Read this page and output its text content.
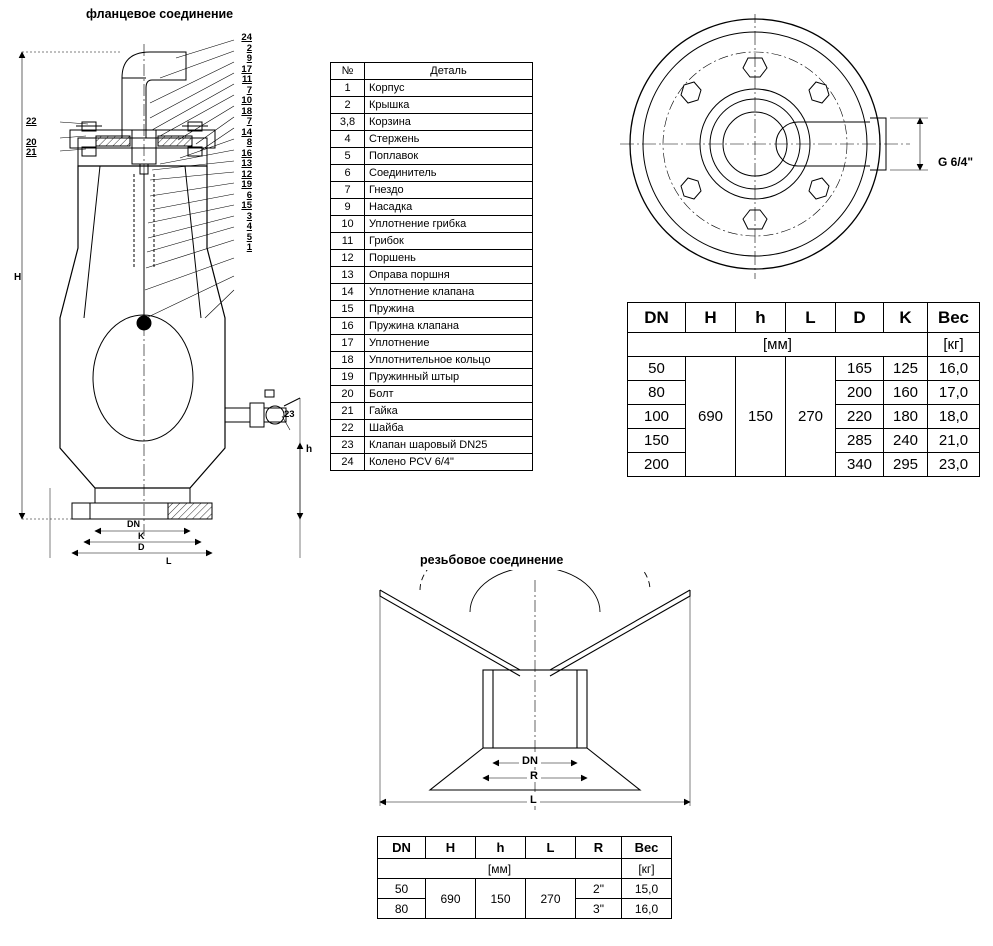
фланцевое соединение
24
2
9
17
11
7
10
18
7
14
8
16
13
12
19
6
15
3
4
5
1
22
20
21
23
H
h
DN
K
D
L
№	Деталь
1	Корпус
2	Крышка
3,8	Корзина
4	Стержень
5	Поплавок
6	Соединитель
7	Гнездо
9	Насадка
10	Уплотнение грибка
11	Грибок
12	Поршень
13	Оправа поршня
14	Уплотнение клапана
15	Пружина
16	Пружина клапана
17	Уплотнение
18	Уплотнительное кольцо
19	Пружинный штыр
20	Болт
21	Гайка
22	Шайба
23	Клапан шаровый DN25
24	Колено PCV 6/4"
G 6/4"
DN	H	h	L	D	K	Вес
[мм]						[кг]
50	690	150	270	165	125	16,0
80				200	160	17,0
100				220	180	18,0
150				285	240	21,0
200				340	295	23,0
резьбовое соединение
DN
R
L
DN	H	h	L	R	Вес
[мм]					[кг]
50	690	150	270	2"	15,0
80				3"	16,0
